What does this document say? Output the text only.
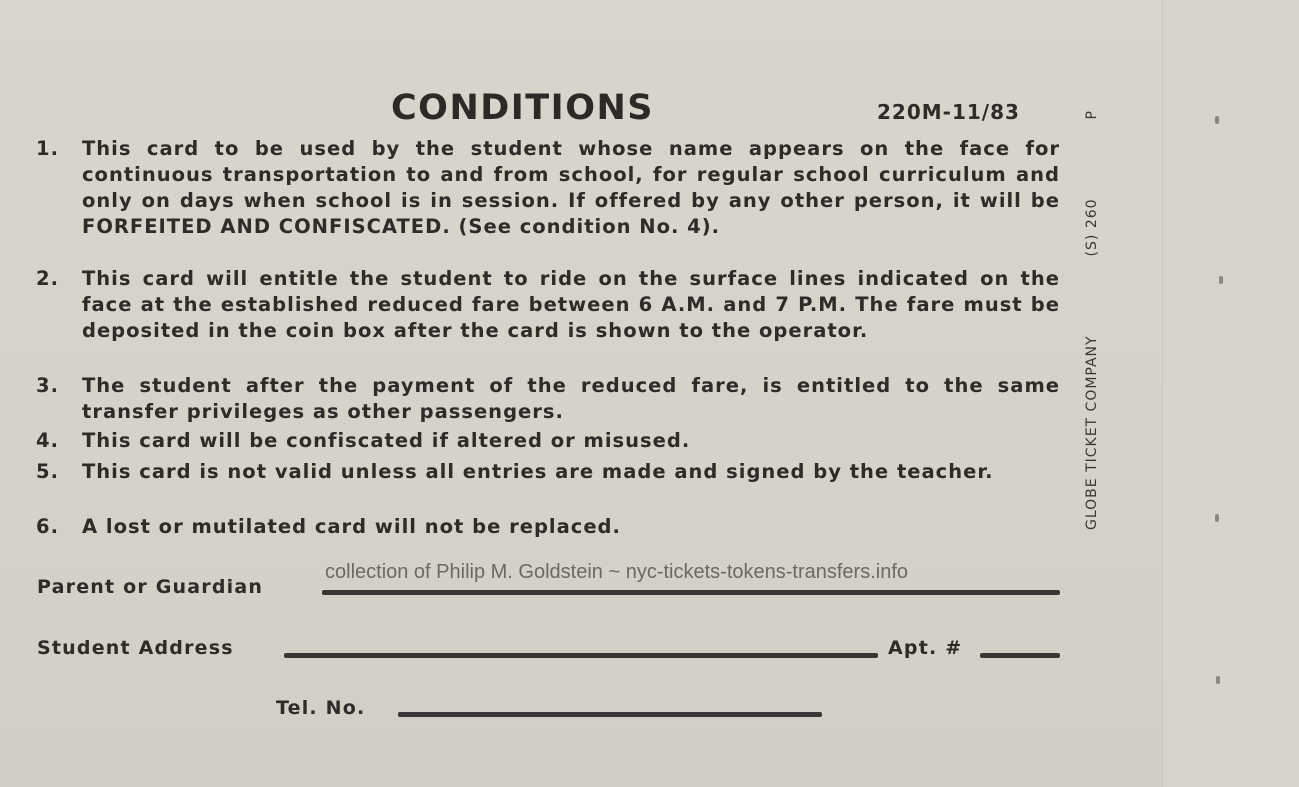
CONDITIONS	220M-11/83
1.	This card to be used by the student whose name appears on the face for continuous transportation to and from school, for regular school curriculum and only on days when school is in session. If offered by any other person, it will be FORFEITED AND CONFISCATED. (See condition No. 4).
2.	This card will entitle the student to ride on the surface lines indicated on the face at the established reduced fare between 6 A.M. and 7 P.M. The fare must be deposited in the coin box after the card is shown to the operator.
3.	The student after the payment of the reduced fare, is entitled to the same transfer privileges as other passengers.
4.	This card will be confiscated if altered or misused.
5.	This card is not valid unless all entries are made and signed by the teacher.
6.	A lost or mutilated card will not be replaced.	GLOBE TICKET COMPANY
(S) 260
P
Parent or Guardian
Student Address	Apt. #
Tel. No.
collection of Philip M. Goldstein ~ nyc-tickets-tokens-transfers.info
